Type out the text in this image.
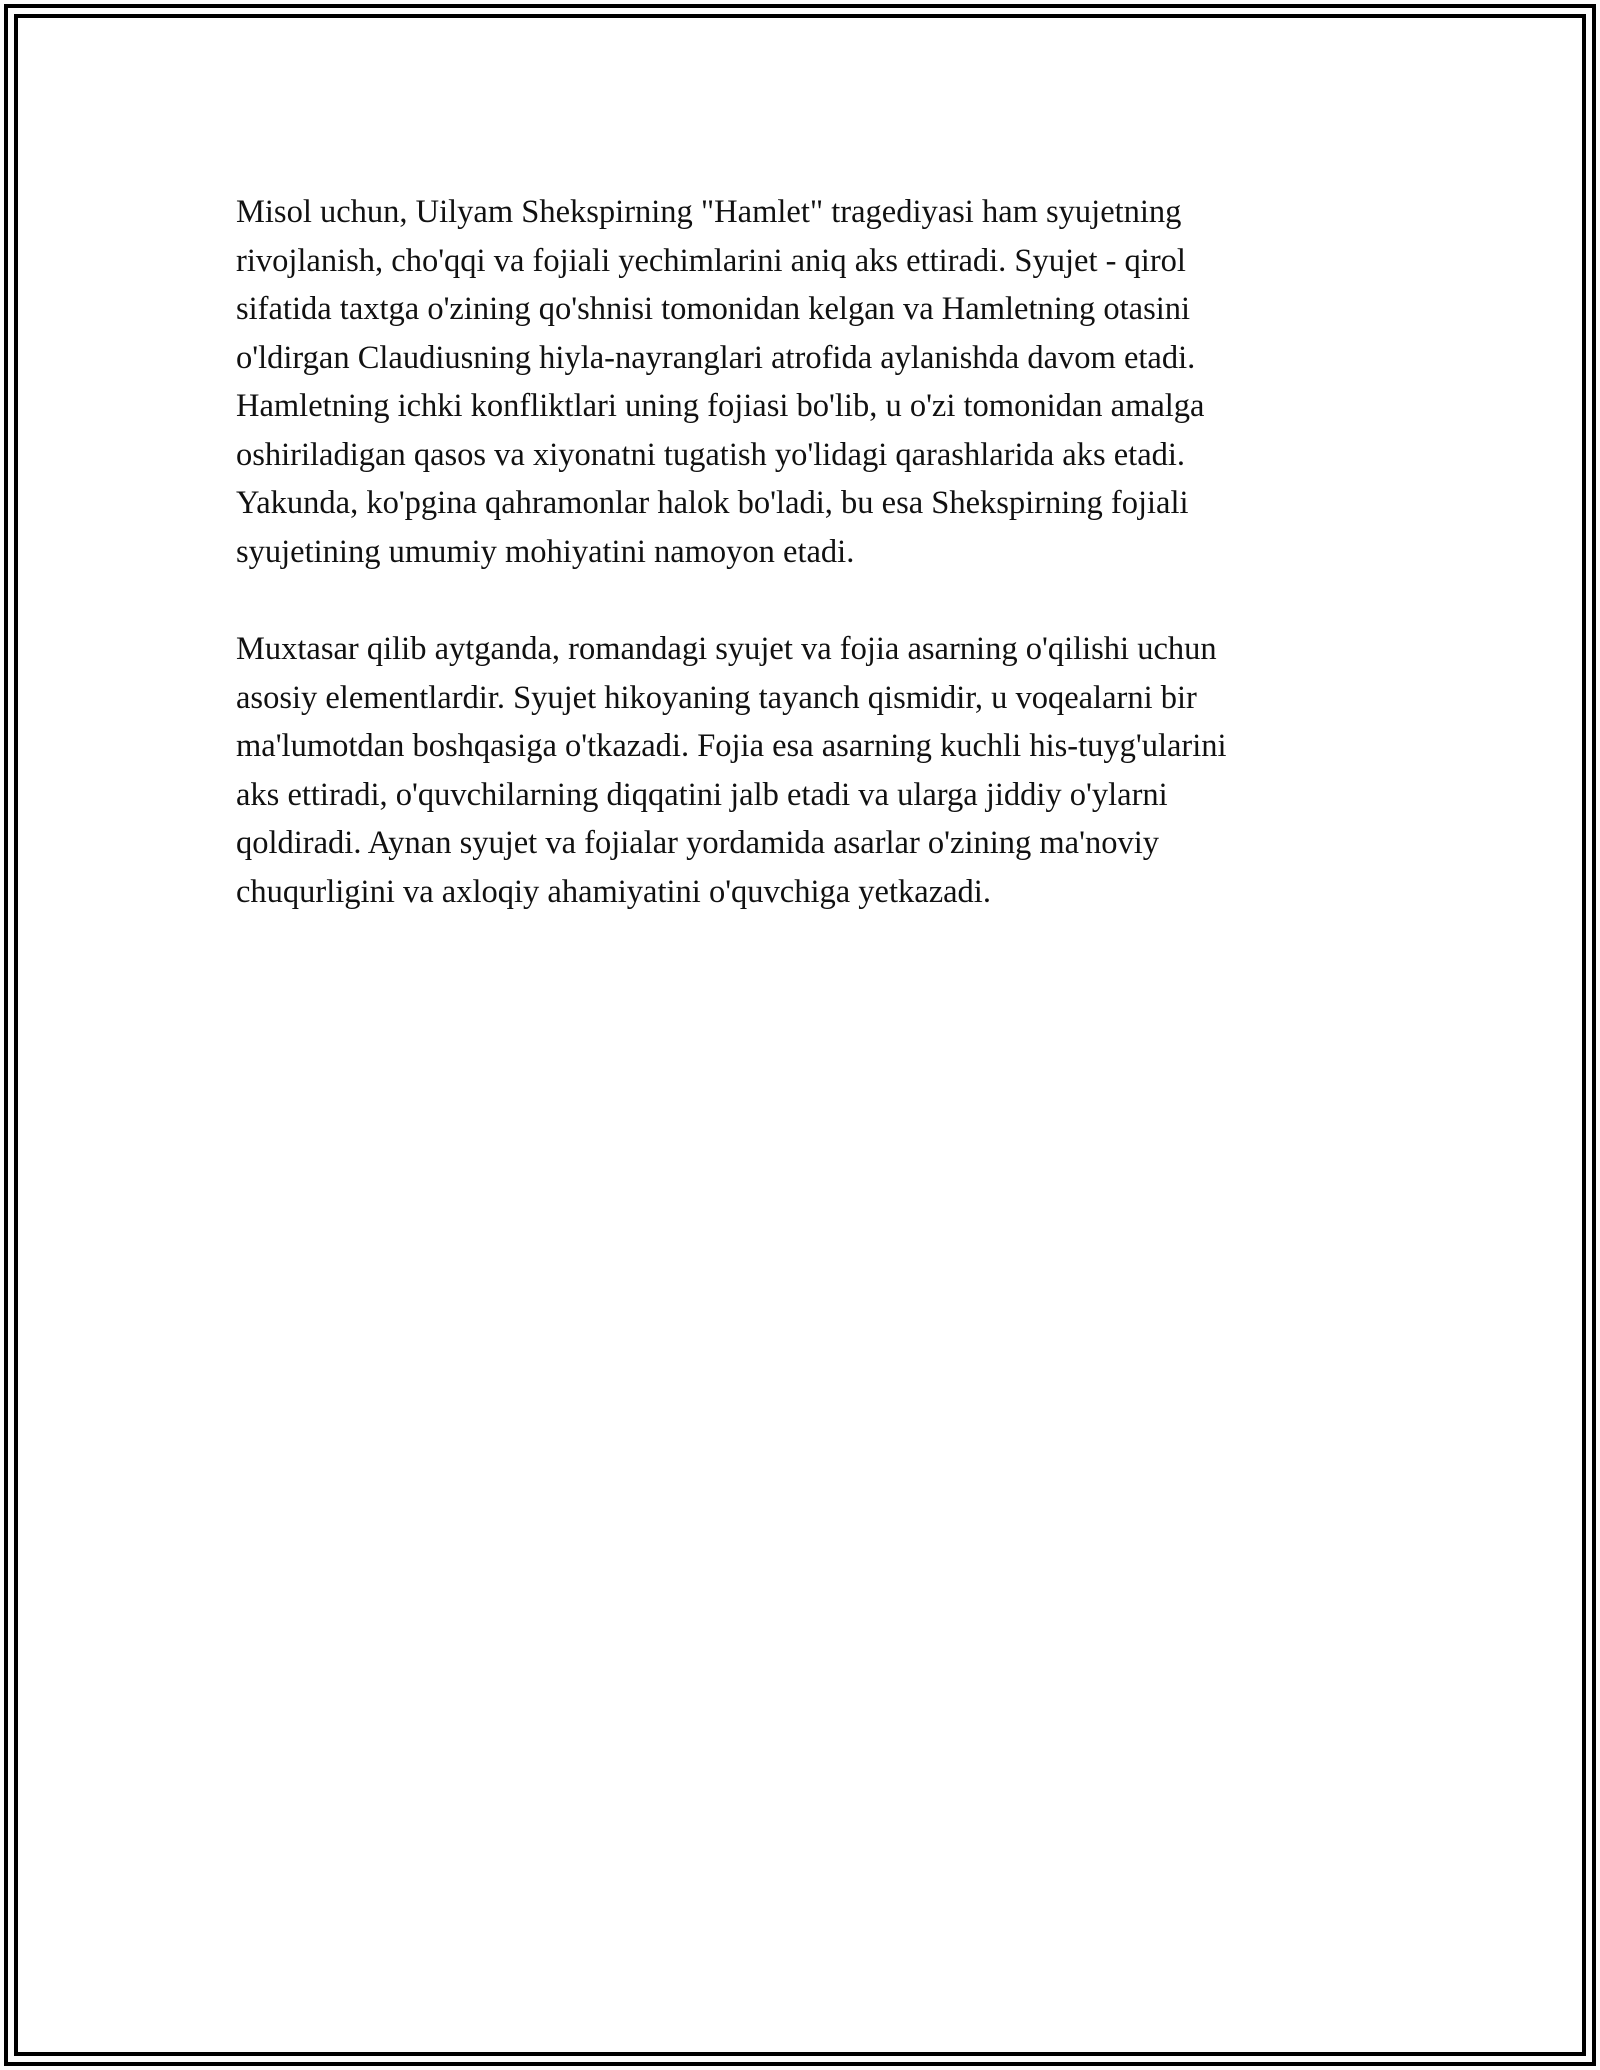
Misol uchun, Uilyam Shekspirning "Hamlet" tragediyasi ham syujetning
rivojlanish, cho'qqi va fojiali yechimlarini aniq aks ettiradi. Syujet - qirol
sifatida taxtga o'zining qo'shnisi tomonidan kelgan va Hamletning otasini
o'ldirgan Claudiusning hiyla-nayranglari atrofida aylanishda davom etadi.
Hamletning ichki konfliktlari uning fojiasi bo'lib, u o'zi tomonidan amalga
oshiriladigan qasos va xiyonatni tugatish yo'lidagi qarashlarida aks etadi.
Yakunda, ko'pgina qahramonlar halok bo'ladi, bu esa Shekspirning fojiali
syujetining umumiy mohiyatini namoyon etadi.
Muxtasar qilib aytganda, romandagi syujet va fojia asarning o'qilishi uchun
asosiy elementlardir. Syujet hikoyaning tayanch qismidir, u voqealarni bir
ma'lumotdan boshqasiga o'tkazadi. Fojia esa asarning kuchli his-tuyg'ularini
aks ettiradi, o'quvchilarning diqqatini jalb etadi va ularga jiddiy o'ylarni
qoldiradi. Aynan syujet va fojialar yordamida asarlar o'zining ma'noviy
chuqurligini va axloqiy ahamiyatini o'quvchiga yetkazadi.
